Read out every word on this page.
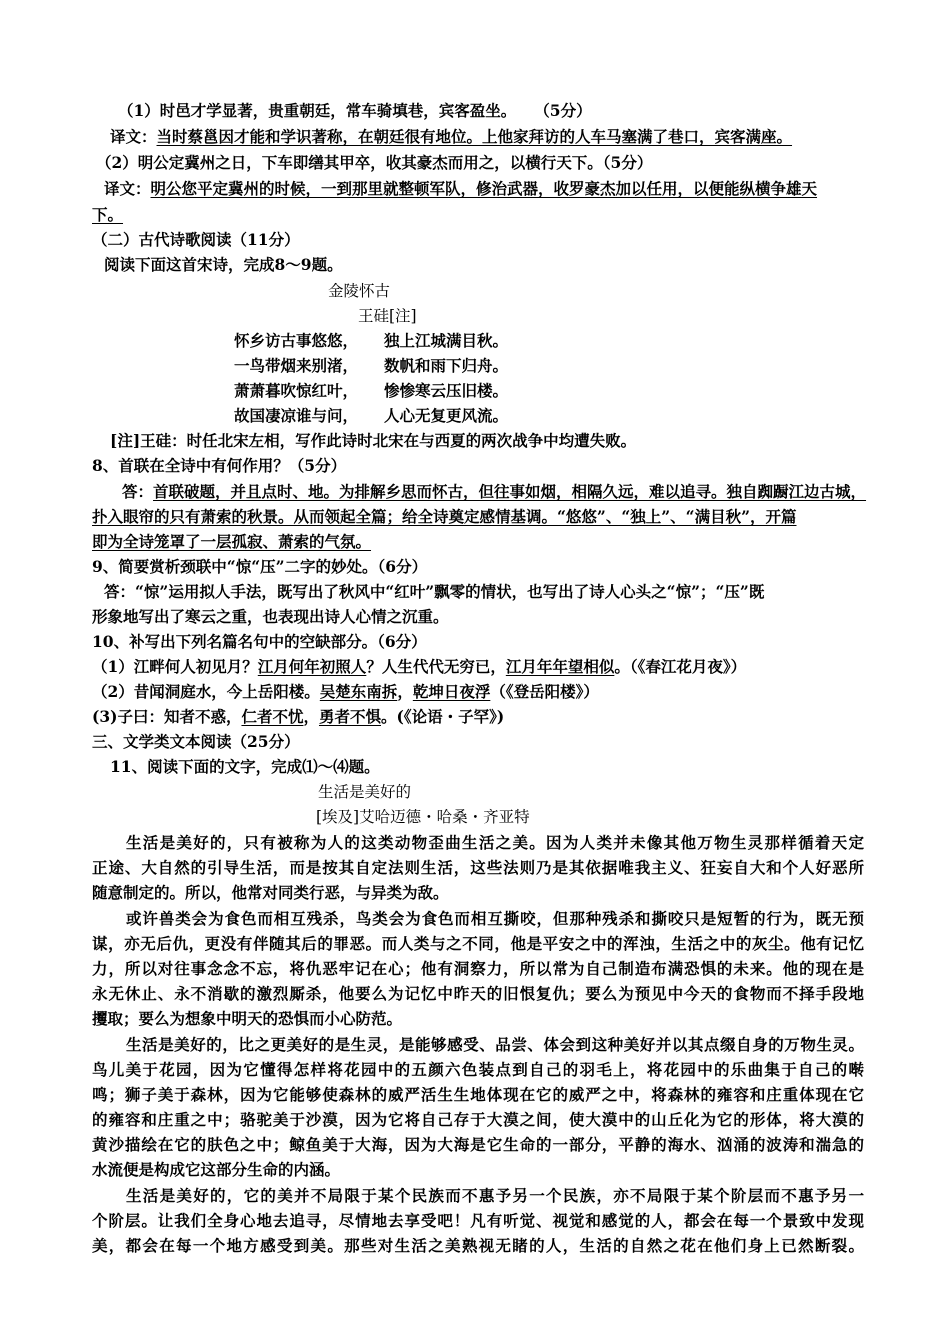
（1）时邑才学显著，贵重朝廷，常车骑填巷，宾客盈坐。 （5分）
译文：当时蔡邕因才能和学识著称，在朝廷很有地位。上他家拜访的人车马塞满了巷口，宾客满座。
（2）明公定冀州之日，下车即缮其甲卒，收其豪杰而用之，以横行天下。（5分）
译文：明公您平定冀州的时候，一到那里就整顿军队，修治武器，收罗豪杰加以任用，以便能纵横争雄天
下。
（二）古代诗歌阅读（11分）
阅读下面这首宋诗，完成8～9题。
金陵怀古
王硅[注]
怀乡访古事悠悠， 独上江城满目秋。
一鸟带烟来别渚， 数帆和雨下归舟。
萧萧暮吹惊红叶， 惨惨寒云压旧楼。
故国凄凉谁与问， 人心无复更风流。
[注]王硅：时任北宋左相，写作此诗时北宋在与西夏的两次战争中均遭失败。
8、首联在全诗中有何作用？（5分）
答：首联破题，并且点时、地。为排解乡思而怀古，但往事如烟，相隔久远，难以追寻。独自踟蹰江边古城，
扑入眼帘的只有萧索的秋景。从而领起全篇；给全诗奠定感情基调。“悠悠”、“独上”、“满目秋”，开篇
即为全诗笼罩了一层孤寂、萧索的气氛。
9、简要赏析颈联中“惊“压”二字的妙处。（6分）
答：“惊”运用拟人手法，既写出了秋风中“红叶”飘零的情状，也写出了诗人心头之“惊”；“压”既
形象地写出了寒云之重，也表现出诗人心情之沉重。
10、补写出下列名篇名句中的空缺部分。（6分）
（1）江畔何人初见月？江月何年初照人？人生代代无穷已，江月年年望相似。（《春江花月夜》）
（2）昔闻洞庭水，今上岳阳楼。吴楚东南拆，乾坤日夜浮（《登岳阳楼》）
(3)子曰：知者不惑，仁者不忧，勇者不惧。(《论语・子罕》)
三、文学类文本阅读（25分）
11、阅读下面的文字，完成⑴～⑷题。
生活是美好的
[埃及]艾哈迈德・哈桑・齐亚特
生活是美好的，只有被称为人的这类动物歪曲生活之美。因为人类并未像其他万物生灵那样循着天定
正途、大自然的引导生活，而是按其自定法则生活，这些法则乃是其依据唯我主义、狂妄自大和个人好恶所
随意制定的。所以，他常对同类行恶，与异类为敌。
或许兽类会为食色而相互残杀，鸟类会为食色而相互撕咬，但那种残杀和撕咬只是短暂的行为，既无预
谋，亦无后仇，更没有伴随其后的罪恶。而人类与之不同，他是平安之中的浑浊，生活之中的灰尘。他有记忆
力，所以对往事念念不忘，将仇恶牢记在心；他有洞察力，所以常为自己制造布满恐惧的未来。他的现在是
永无休止、永不消歇的激烈厮杀，他要么为记忆中昨天的旧恨复仇；要么为预见中今天的食物而不择手段地
攫取；要么为想象中明天的恐惧而小心防范。
生活是美好的，比之更美好的是生灵，是能够感受、品尝、体会到这种美好并以其点缀自身的万物生灵。
鸟儿美于花园，因为它懂得怎样将花园中的五颜六色装点到自己的羽毛上，将花园中的乐曲集于自己的啭
鸣；狮子美于森林，因为它能够使森林的威严活生生地体现在它的威严之中，将森林的雍容和庄重体现在它
的雍容和庄重之中；骆驼美于沙漠，因为它将自己存于大漠之间，使大漠中的山丘化为它的形体，将大漠的
黄沙描绘在它的肤色之中；鲸鱼美于大海，因为大海是它生命的一部分，平静的海水、汹涌的波涛和湍急的
水流便是构成它这部分生命的内涵。
生活是美好的，它的美并不局限于某个民族而不惠予另一个民族，亦不局限于某个阶层而不惠予另一
个阶层。让我们全身心地去追寻，尽情地去享受吧！凡有听觉、视觉和感觉的人，都会在每一个景致中发现
美，都会在每一个地方感受到美。那些对生活之美熟视无睹的人，生活的自然之花在他们身上已然断裂。
